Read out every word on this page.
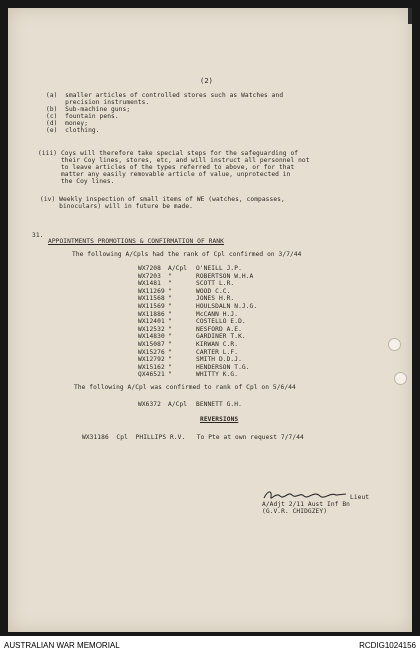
(2)
(a)  smaller articles of controlled stores such as Watches and
precision instruments.
(b)  Sub-machine guns;
(c)  fountain pens.
(d)  money;
(e)  clothing.
(iii) Coys will therefore take special steps for the safeguarding of
their Coy lines, stores, etc, and will instruct all personnel not
to leave articles of the types referred to above, or for that
matter any easily removable article of value, unprotected in
the Coy lines.
(iv) Weekly inspection of small items of WE (watches, compasses,
binoculars) will in future be made.
31.
APPOINTMENTS PROMOTIONS & CONFIRMATION OF RANK
The following A/Cpls had the rank of Cpl confirmed on 3/7/44
WX7208 A/Cpl O'NEILL J.P.
WX7203 "	ROBERTSON W.H.A
WX1481 "	SCOTT L.R.
WX11269 "	WOOD C.C.
WX11568 "	JONES H.R.
WX11569 "	HOULSDALN N.J.G.
WX11886 "	McCANN H.J.
WX12401 "	COSTELLO E.D.
WX12532 "	NESFORD A.E.
WX14830 "	GARDINER T.K.
WX15087 "	KIRWAN C.R.
WX15276 "	CARTER L.F.
WX12792 "	SMITH D.D.J.
WX15162 "	HENDERSON T.G.
QX46521 "	WHITTY K.G.
The following A/Cpl was confirmed to rank of Cpl on 5/6/44
WX6372 A/Cpl BENNETT G.H.
REVERSIONS
WX31186  Cpl  PHILLIPS R.V.   To Pte at own request 7/7/44
Lieut
A/Adjt 2/11 Aust Inf Bn
(G.V.R. CHIDGZEY)
AUSTRALIAN WAR MEMORIAL	RCDIG1024156
